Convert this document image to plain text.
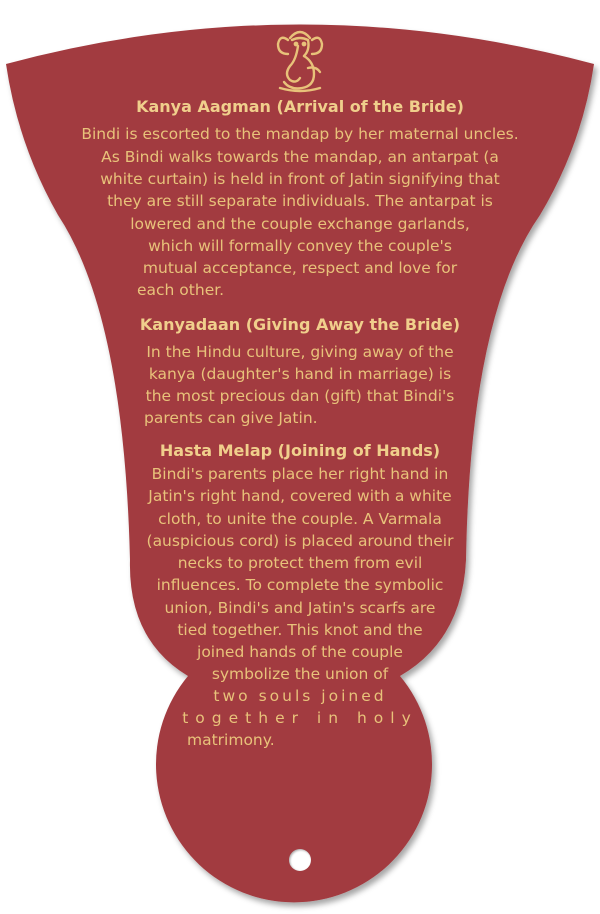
Kanya Aagman (Arrival of the Bride)
Bindi is escorted to the mandap by her maternal uncles.
As Bindi walks towards the mandap, an antarpat (a
white curtain) is held in front of Jatin signifying that
they are still separate individuals. The antarpat is
lowered and the couple exchange garlands,
which will formally convey the couple's
mutual acceptance, respect and love for
each other.
Kanyadaan (Giving Away the Bride)
In the Hindu culture, giving away of the
kanya (daughter's hand in marriage) is
the most precious dan (gift) that Bindi's
parents can give Jatin.
Hasta Melap (Joining of Hands)
Bindi's parents place her right hand in
Jatin's right hand, covered with a white
cloth, to unite the couple. A Varmala
(auspicious cord) is placed around their
necks to protect them from evil
influences. To complete the symbolic
union, Bindi's and Jatin's scarfs are
tied together. This knot and the
joined hands of the couple
symbolize the union of
two souls joined
together in holy
matrimony.
